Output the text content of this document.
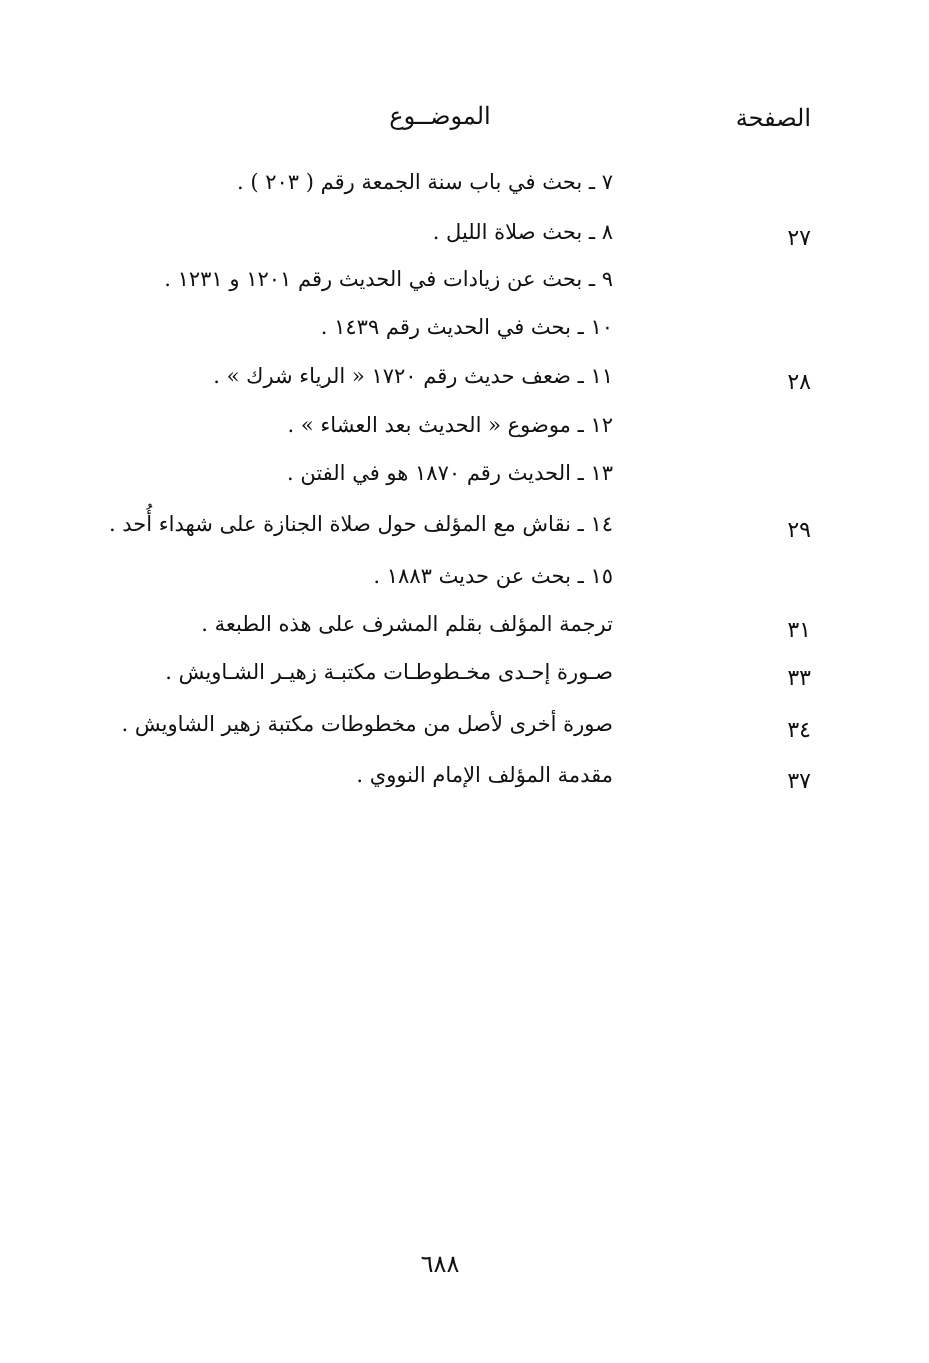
الصفحة
الموضــوع
٧ ـ بحث في باب سنة الجمعة رقم ( ٢٠٣ ) .
٢٧
٨ ـ بحث صلاة الليل .
٩ ـ بحث عن زيادات في الحديث رقم ١٢٠١ و ١٢٣١ .
١٠ ـ بحث في الحديث رقم ١٤٣٩ .
٢٨
١١ ـ ضعف حديث رقم ١٧٢٠ « الرياء شرك » .
١٢ ـ موضوع « الحديث بعد العشاء » .
١٣ ـ الحديث رقم ١٨٧٠ هو في الفتن .
٢٩
١٤ ـ نقاش مع المؤلف حول صلاة الجنازة على شهداء أُحد .
١٥ ـ بحث عن حديث ١٨٨٣ .
٣١
ترجمة المؤلف بقلم المشرف على هذه الطبعة .
٣٣
صـورة إحـدى مخـطوطـات مكتبـة زهيـر الشـاويش .
٣٤
صورة أخرى لأصل من مخطوطات مكتبة زهير الشاويش .
٣٧
مقدمة المؤلف الإمام النووي .
٦٨٨
